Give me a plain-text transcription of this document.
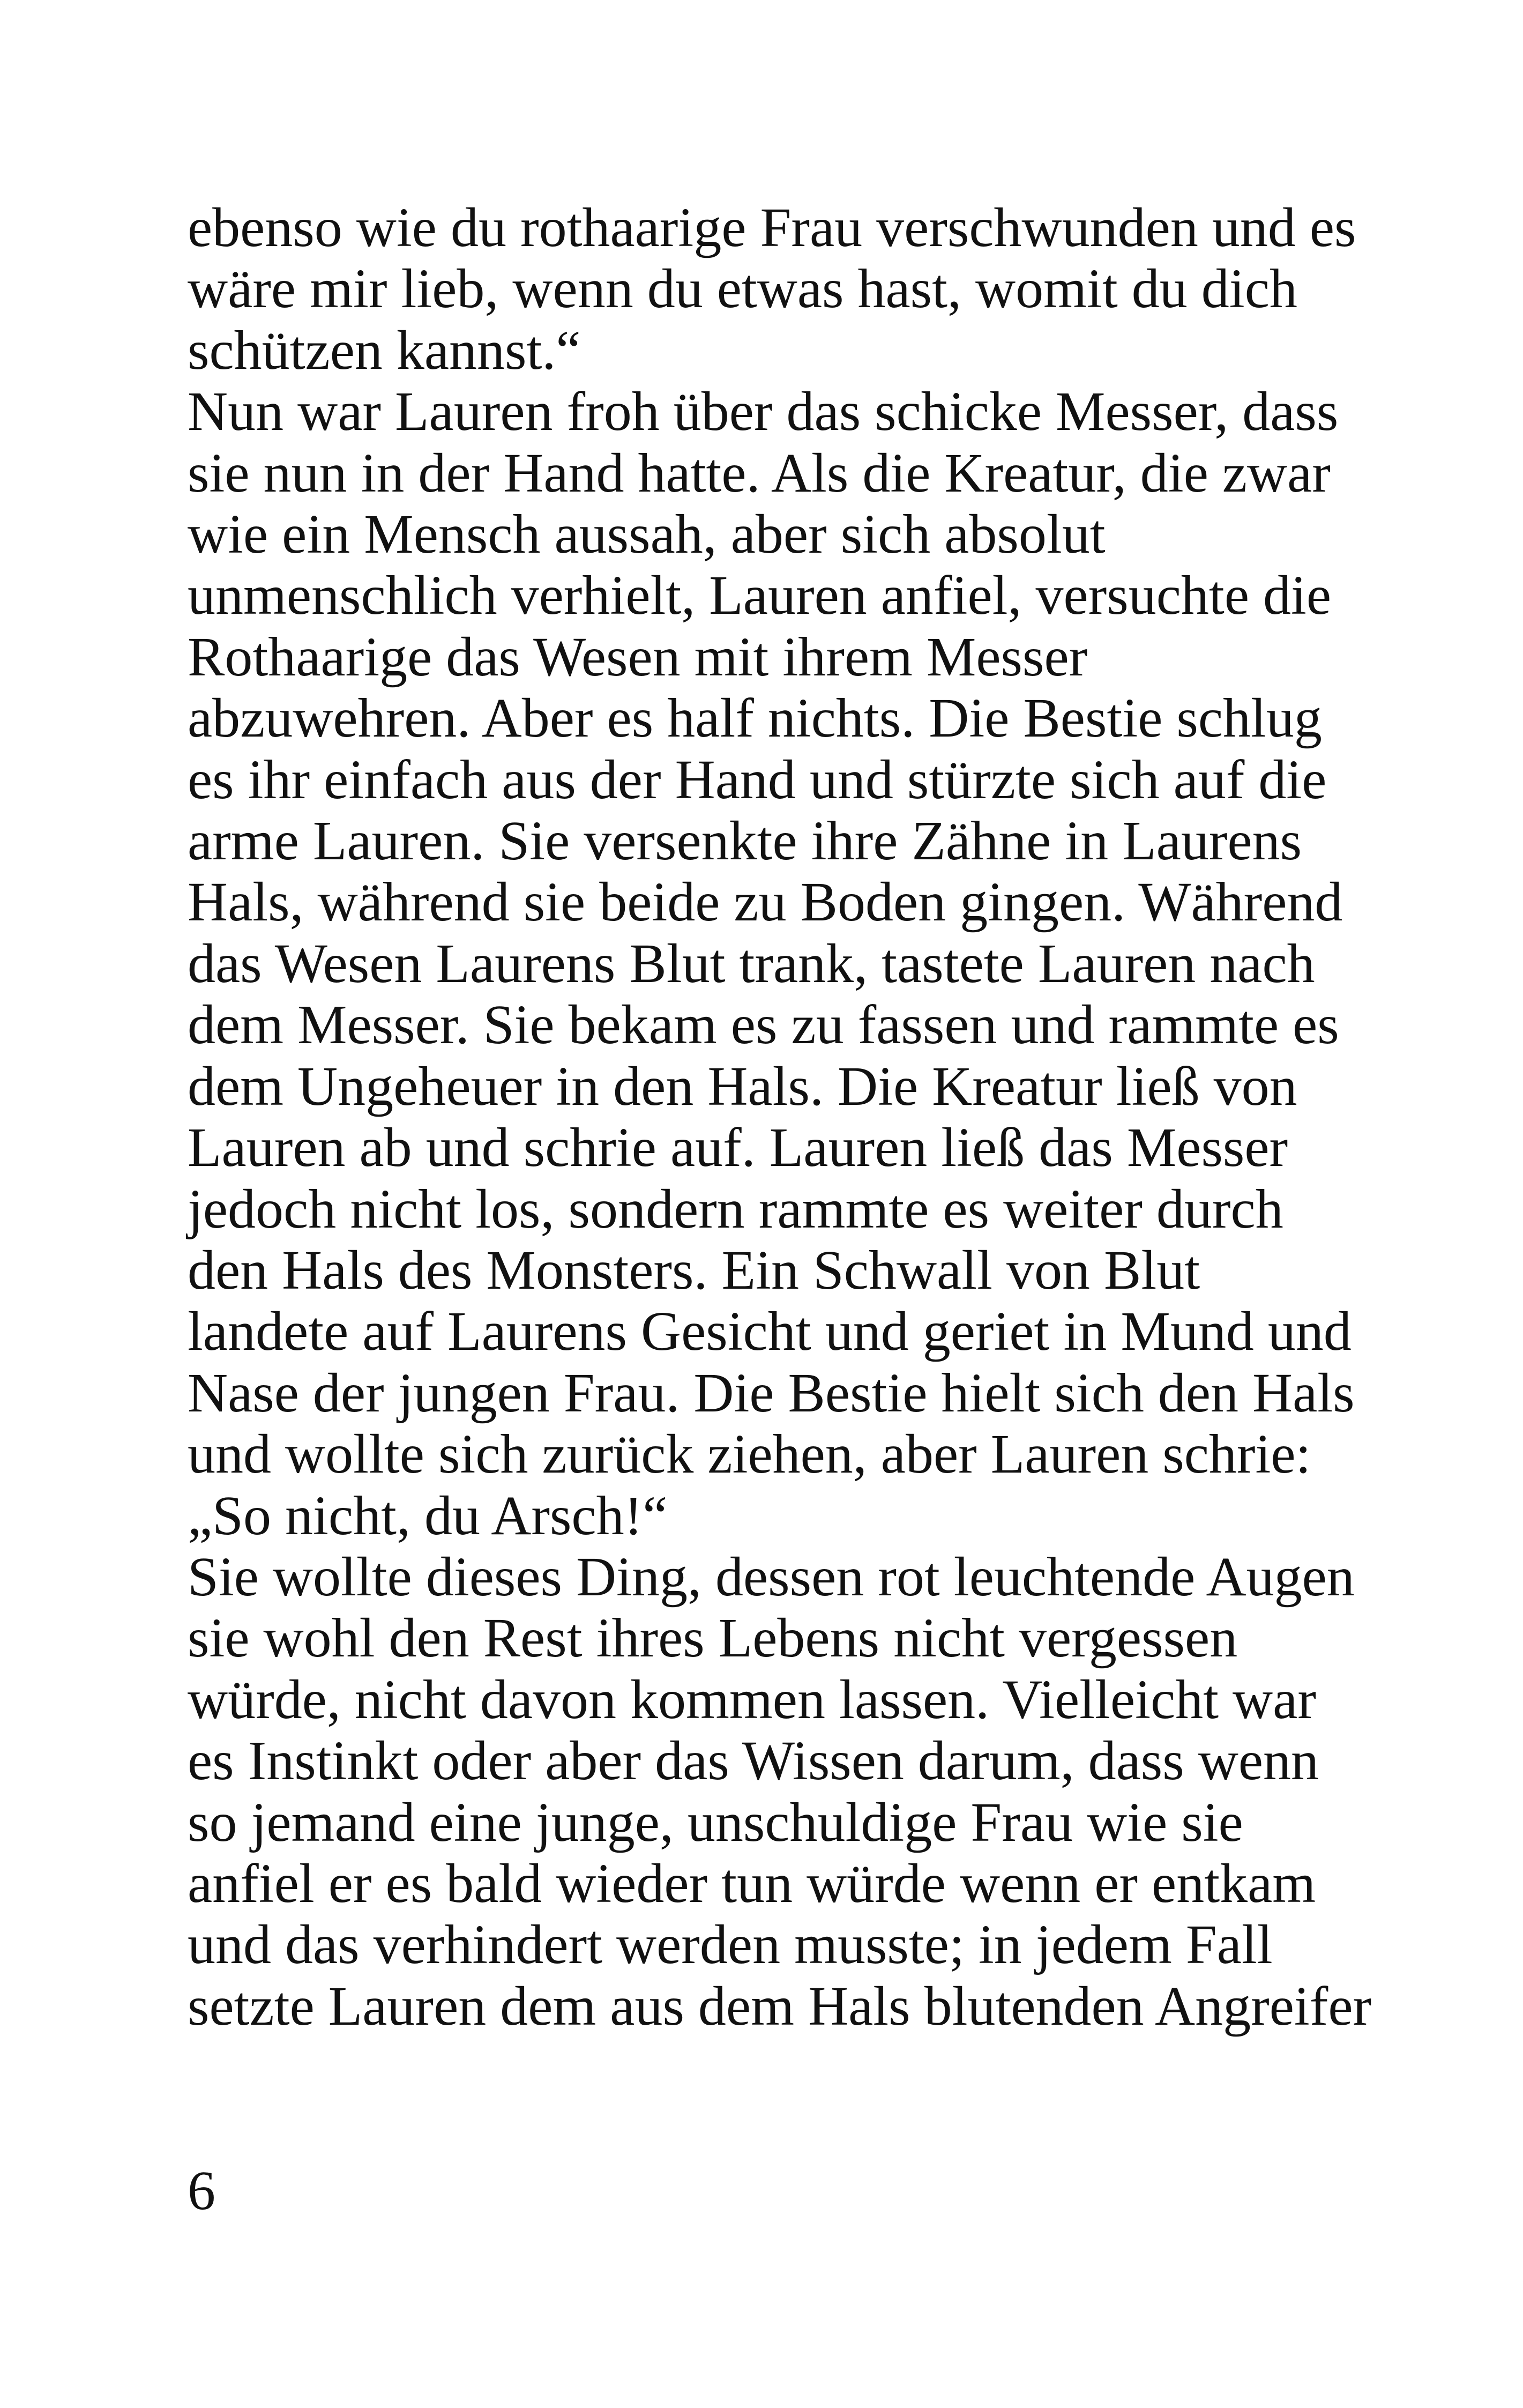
ebenso wie du rothaarige Frau verschwunden und es
wäre mir lieb, wenn du etwas hast, womit du dich
schützen kannst.“
Nun war Lauren froh über das schicke Messer, dass
sie nun in der Hand hatte. Als die Kreatur, die zwar
wie ein Mensch aussah, aber sich absolut
unmenschlich verhielt, Lauren anfiel, versuchte die
Rothaarige das Wesen mit ihrem Messer
abzuwehren. Aber es half nichts. Die Bestie schlug
es ihr einfach aus der Hand und stürzte sich auf die
arme Lauren. Sie versenkte ihre Zähne in Laurens
Hals, während sie beide zu Boden gingen. Während
das Wesen Laurens Blut trank, tastete Lauren nach
dem Messer. Sie bekam es zu fassen und rammte es
dem Ungeheuer in den Hals. Die Kreatur ließ von
Lauren ab und schrie auf. Lauren ließ das Messer
jedoch nicht los, sondern rammte es weiter durch
den Hals des Monsters. Ein Schwall von Blut
landete auf Laurens Gesicht und geriet in Mund und
Nase der jungen Frau. Die Bestie hielt sich den Hals
und wollte sich zurück ziehen, aber Lauren schrie:
„So nicht, du Arsch!“
Sie wollte dieses Ding, dessen rot leuchtende Augen
sie wohl den Rest ihres Lebens nicht vergessen
würde, nicht davon kommen lassen. Vielleicht war
es Instinkt oder aber das Wissen darum, dass wenn
so jemand eine junge, unschuldige Frau wie sie
anfiel er es bald wieder tun würde wenn er entkam
und das verhindert werden musste; in jedem Fall
setzte Lauren dem aus dem Hals blutenden Angreifer
6
